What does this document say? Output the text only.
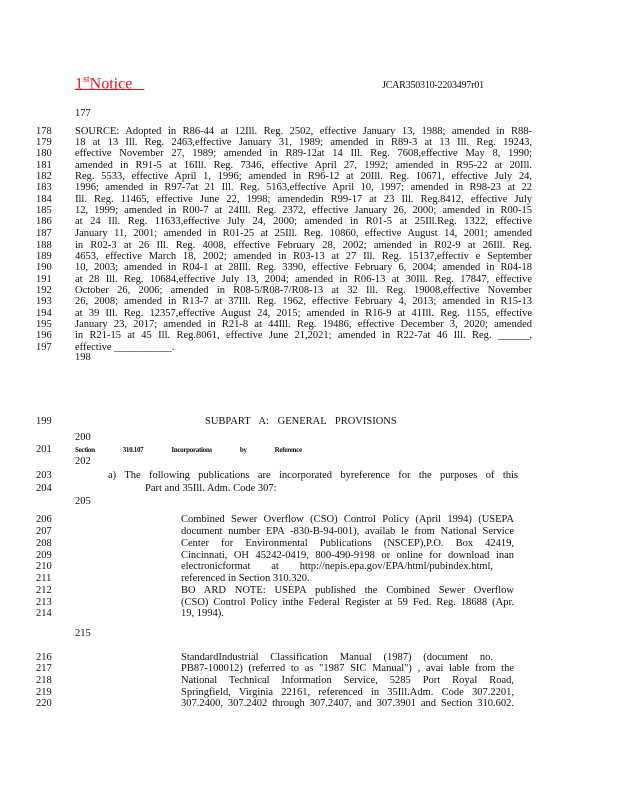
1stNotice	JCAR350310-2203497r01
177
178 SOURCE: Adopted in R86-44 at 12Ill. Reg. 2502, effective January 13, 1988; amended in R88-
179 18 at 13 Ill. Reg. 2463,effective January 31, 1989; amended in R89-3 at 13 Ill. Reg. 19243,
180 effective November 27, 1989; amended in R89-12at 14 Ill. Reg. 7608,effective May 8, 1990;
181 amended in R91-5 at 16Ill. Reg. 7346, effective April 27, 1992; amended in R95-22 at 20Ill.
182 Reg. 5533, effective April 1, 1996; amended in R96-12 at 20Ill. Reg. 10671, effective July 24,
183 1996; amended in R97-7at 21 Ill. Reg. 5163,effective April 10, 1997; amended in R98-23 at 22
184 Ill. Reg. 11465, effective June 22, 1998; amendedin R99-17 at 23 Ill. Reg.8412, effective July
185 12, 1999; amended in R00-7 at 24Ill. Reg. 2372, effective January 26, 2000; amended in R00-15
186 at 24 Ill. Reg. 11633,effective July 24, 2000; amended in R01-5 at 25Ill.Reg. 1322, effective
187 January 11, 2001; amended in R01-25 at 25Ill. Reg. 10860, effective August 14, 2001; amended
188 in R02-3 at 26 Ill. Reg. 4008, effective February 28, 2002; amended in R02-9 at 26Ill. Reg.
189 4653, effective March 18, 2002; amended in R03-13 at 27 Ill. Reg. 15137,effectiv e September
190 10, 2003; amended in R04-1 at 28Ill. Reg. 3390, effective February 6, 2004; amended in R04-18
191 at 28 Ill. Reg. 10684,effective July 13, 2004; amended in R06-13 at 30Ill. Reg. 17847, effective
192 October 26, 2006; amended in R08-5/R08-7/R08-13 at 32 Ill. Reg. 19008,effective November
193 26, 2008; amended in R13-7 at 37Ill. Reg. 1962, effective February 4, 2013; amended in R15-13
194 at 39 Ill. Reg. 12357,effective August 24, 2015; amended in R16-9 at 41Ill. Reg. 1155, effective
195 January 23, 2017; amended in R21-8 at 44Ill. Reg. 19486, effective December 3, 2020; amended
196 in R21-15 at 45 Ill. Reg.8061, effective June 21,2021; amended in R22-7at 46 Ill. Reg. ______,
197 effective ___________.
198
199	SUBPART A: GENERAL PROVISIONS
200
201	Section	310.107	Incorporations	by	Reference
202
203	a) The following publications are incorporated byreference for the purposes of this
204	Part and 35Ill. Adm. Code 307:
205
206	Combined Sewer Overflow (CSO) Control Policy (April 1994) (USEPA
207	document number EPA -830-B-94-001), availab le from National Service
208	Center for Environmental Publications (NSCEP),P.O. Box 42419,
209	Cincinnati, OH 45242-0419, 800-490-9198 or online for download inan
210	electronicformat at http://nepis.epa.gov/EPA/html/pubindex.html,
211	referenced in Section 310.320.
212	BO ARD NOTE: USEPA published the Combined Sewer Overflow
213	(CSO) Control Policy inthe Federal Register at 59 Fed. Reg. 18688 (Apr.
214	19, 1994).
215
216	StandardIndustrial Classification Manual (1987) (document no.
217	PB87-100012) (referred to as "1987 SIC Manual") , avai lable from the
218	National Technical Information Service, 5285 Port Royal Road,
219	Springfield, Virginia 22161, referenced in 35Ill.Adm. Code 307.2201,
220	307.2400, 307.2402 through 307.2407, and 307.3901 and Section 310.602.
